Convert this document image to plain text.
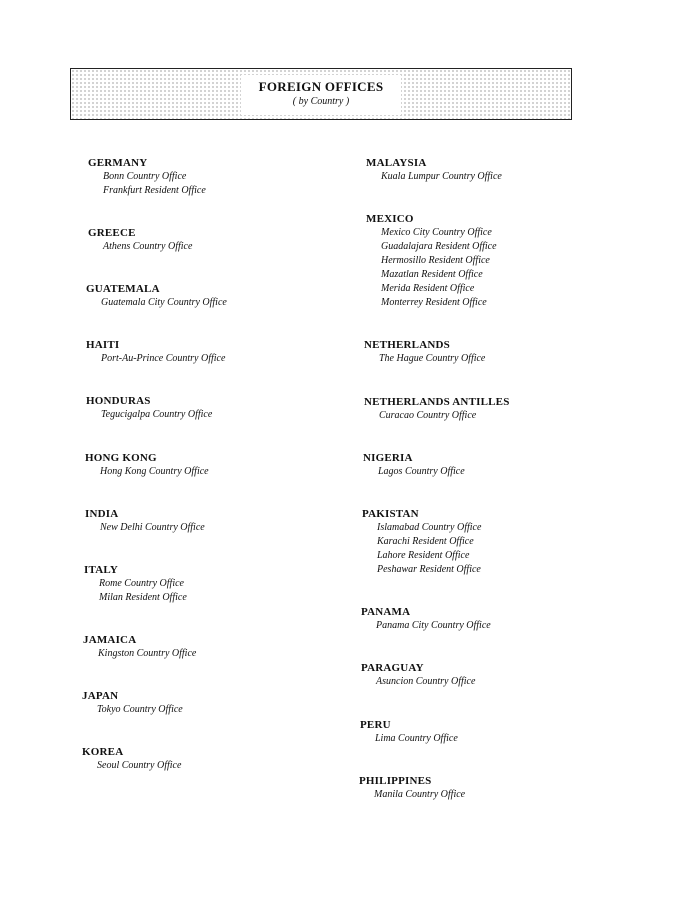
FOREIGN OFFICES
( by Country )
GERMANY
Bonn Country Office
Frankfurt Resident Office
GREECE
Athens Country Office
GUATEMALA
Guatemala City Country Office
HAITI
Port-Au-Prince Country Office
HONDURAS
Tegucigalpa Country Office
HONG KONG
Hong Kong Country Office
INDIA
New Delhi Country Office
ITALY
Rome Country Office
Milan Resident Office
JAMAICA
Kingston Country Office
JAPAN
Tokyo Country Office
KOREA
Seoul Country Office
MALAYSIA
Kuala Lumpur Country Office
MEXICO
Mexico City Country Office
Guadalajara Resident Office
Hermosillo Resident Office
Mazatlan Resident Office
Merida Resident Office
Monterrey Resident Office
NETHERLANDS
The Hague Country Office
NETHERLANDS ANTILLES
Curacao Country Office
NIGERIA
Lagos Country Office
PAKISTAN
Islamabad Country Office
Karachi Resident Office
Lahore Resident Office
Peshawar Resident Office
PANAMA
Panama City Country Office
PARAGUAY
Asuncion Country Office
PERU
Lima Country Office
PHILIPPINES
Manila Country Office
